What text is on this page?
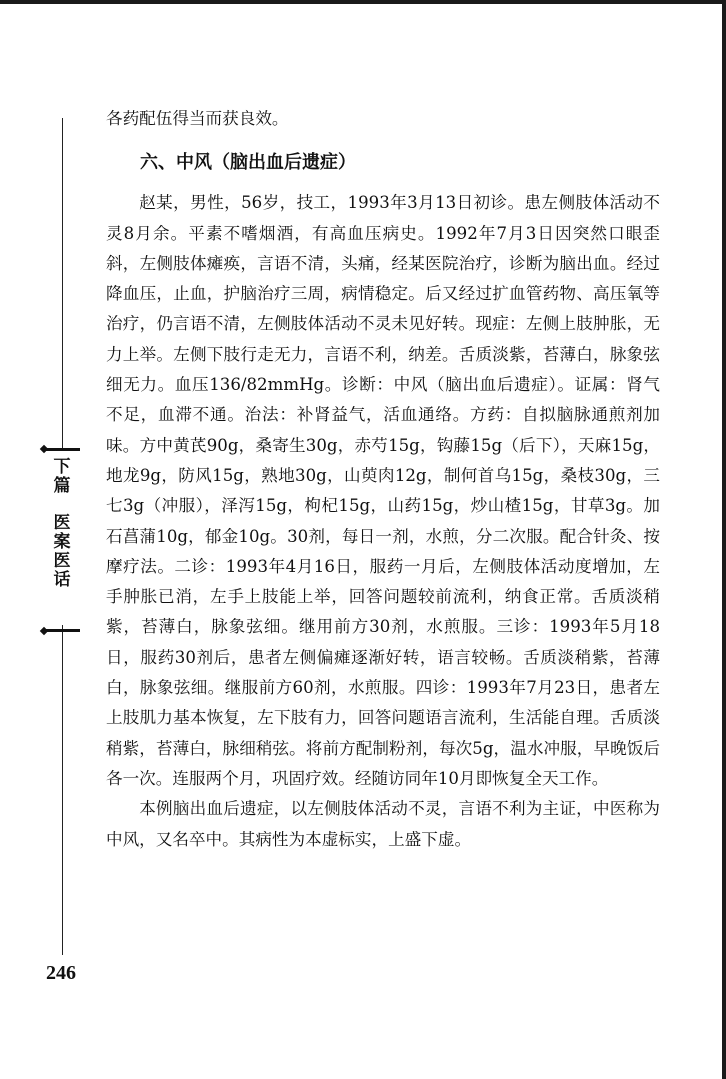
下篇
医案医话

各药配伍得当而获良效。

六、中风（脑出血后遗症）

赵某，男性，56岁，技工，1993年3月13日初诊。患左侧肢体活动不灵8月余。平素不嗜烟酒，有高血压病史。1992年7月3日因突然口眼歪斜，左侧肢体瘫痪，言语不清，头痛，经某医院治疗，诊断为脑出血。经过降血压，止血，护脑治疗三周，病情稳定。后又经过扩血管药物、高压氧等治疗，仍言语不清，左侧肢体活动不灵未见好转。现症：左侧上肢肿胀，无力上举。左侧下肢行走无力，言语不利，纳差。舌质淡紫，苔薄白，脉象弦细无力。血压136/82mmHg。诊断：中风（脑出血后遗症）。证属：肾气不足，血滞不通。治法：补肾益气，活血通络。方药：自拟脑脉通煎剂加味。方中黄芪90g，桑寄生30g，赤芍15g，钩藤15g（后下），天麻15g，地龙9g，防风15g，熟地30g，山萸肉12g，制何首乌15g，桑枝30g，三七3g（冲服），泽泻15g，枸杞15g，山药15g，炒山楂15g，甘草3g。加石菖蒲10g，郁金10g。30剂，每日一剂，水煎，分二次服。配合针灸、按摩疗法。二诊：1993年4月16日，服药一月后，左侧肢体活动度增加，左手肿胀已消，左手上肢能上举，回答问题较前流利，纳食正常。舌质淡稍紫，苔薄白，脉象弦细。继用前方30剂，水煎服。三诊：1993年5月18日，服药30剂后，患者左侧偏瘫逐渐好转，语言较畅。舌质淡稍紫，苔薄白，脉象弦细。继服前方60剂，水煎服。四诊：1993年7月23日，患者左上肢肌力基本恢复，左下肢有力，回答问题语言流利，生活能自理。舌质淡稍紫，苔薄白，脉细稍弦。将前方配制粉剂，每次5g，温水冲服，早晚饭后各一次。连服两个月，巩固疗效。经随访同年10月即恢复全天工作。

本例脑出血后遗症，以左侧肢体活动不灵，言语不利为主证，中医称为中风，又名卒中。其病性为本虚标实，上盛下虚。

246
